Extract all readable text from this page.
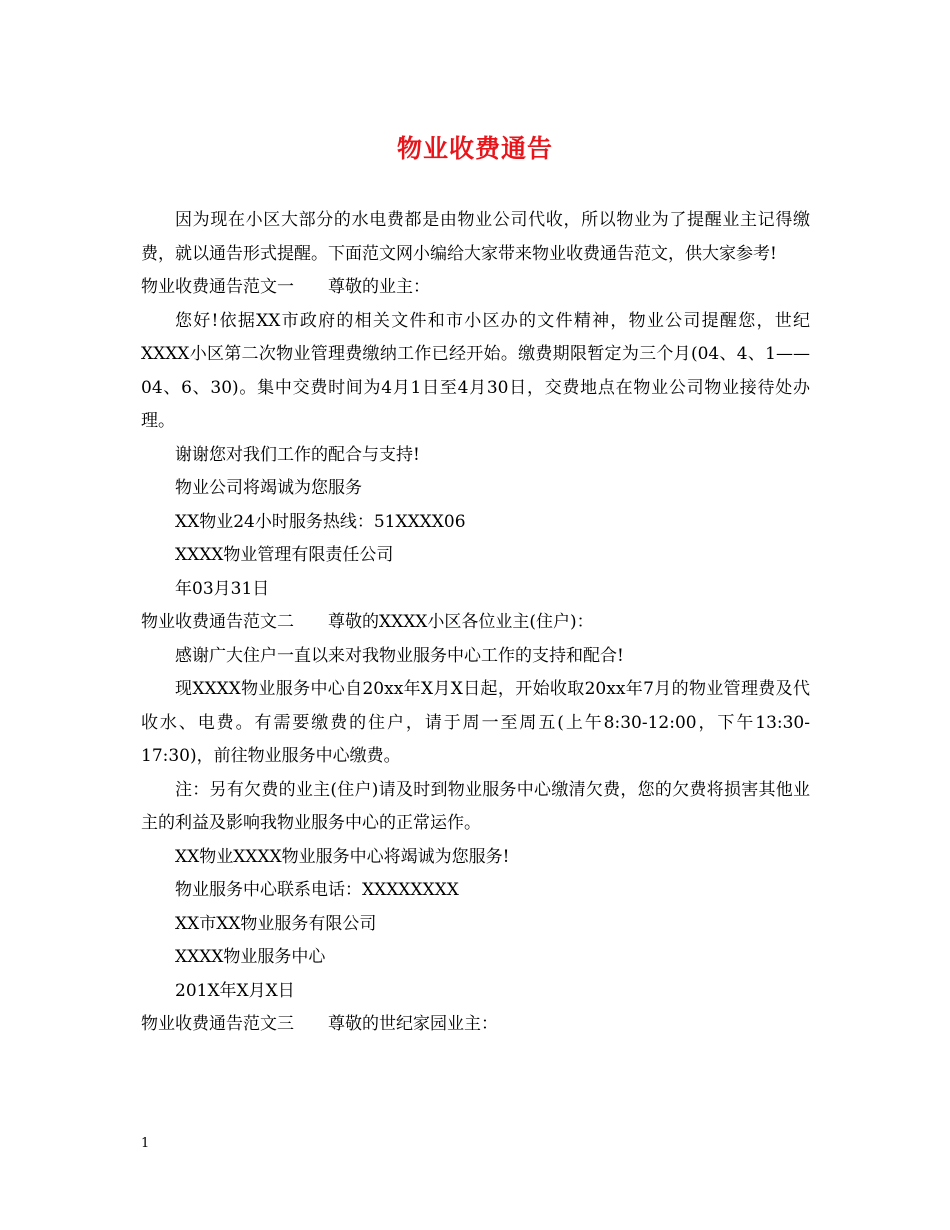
物业收费通告

因为现在小区大部分的水电费都是由物业公司代收，所以物业为了提醒业主记得缴费，就以通告形式提醒。下面范文网小编给大家带来物业收费通告范文，供大家参考!

物业收费通告范文一 尊敬的业主：

您好!依据XX市政府的相关文件和市小区办的文件精神，物业公司提醒您，世纪XXXX小区第二次物业管理费缴纳工作已经开始。缴费期限暂定为三个月(04、4、1——04、6、30)。集中交费时间为4月1日至4月30日，交费地点在物业公司物业接待处办理。

谢谢您对我们工作的配合与支持!

物业公司将竭诚为您服务

XX物业24小时服务热线：51XXXX06

XXXX物业管理有限责任公司

年03月31日

物业收费通告范文二 尊敬的XXXX小区各位业主(住户)：

感谢广大住户一直以来对我物业服务中心工作的支持和配合!

现XXXX物业服务中心自20xx年X月X日起，开始收取20xx年7月的物业管理费及代收水、电费。有需要缴费的住户，请于周一至周五(上午8:30-12:00，下午13:30-17:30)，前往物业服务中心缴费。

注：另有欠费的业主(住户)请及时到物业服务中心缴清欠费，您的欠费将损害其他业主的利益及影响我物业服务中心的正常运作。

XX物业XXXX物业服务中心将竭诚为您服务!

物业服务中心联系电话：XXXXXXXX

XX市XX物业服务有限公司

XXXX物业服务中心

201X年X月X日

物业收费通告范文三 尊敬的世纪家园业主：

1
